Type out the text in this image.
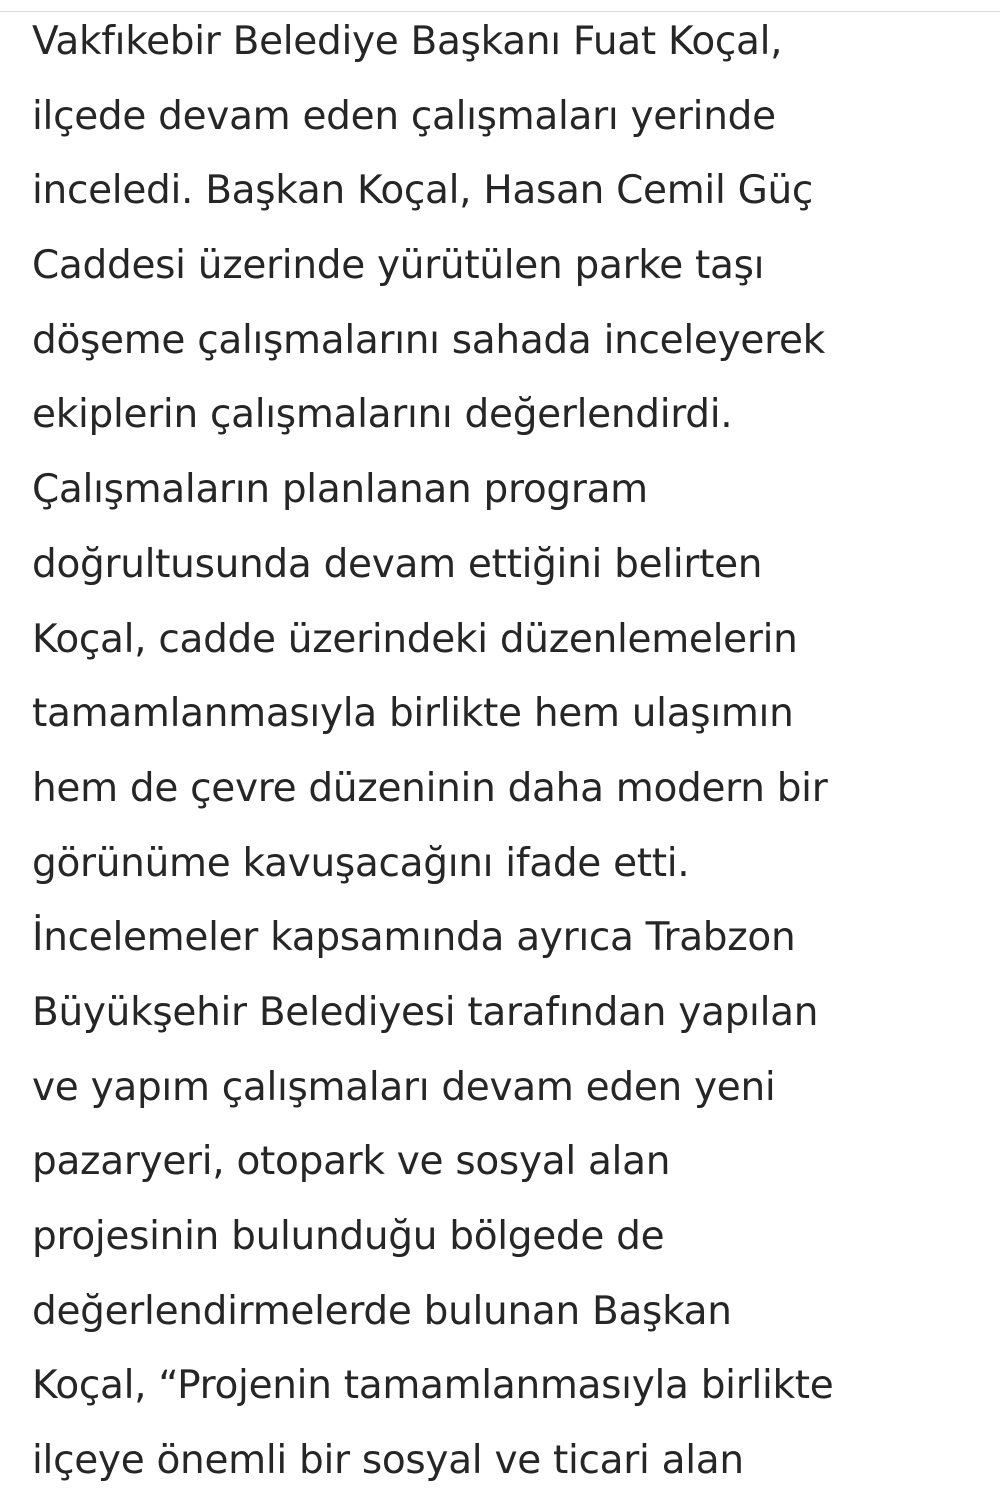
Vakfıkebir Belediye Başkanı Fuat Koçal,
ilçede devam eden çalışmaları yerinde
inceledi. Başkan Koçal, Hasan Cemil Güç
Caddesi üzerinde yürütülen parke taşı
döşeme çalışmalarını sahada inceleyerek
ekiplerin çalışmalarını değerlendirdi.
Çalışmaların planlanan program
doğrultusunda devam ettiğini belirten
Koçal, cadde üzerindeki düzenlemelerin
tamamlanmasıyla birlikte hem ulaşımın
hem de çevre düzeninin daha modern bir
görünüme kavuşacağını ifade etti.
İncelemeler kapsamında ayrıca Trabzon
Büyükşehir Belediyesi tarafından yapılan
ve yapım çalışmaları devam eden yeni
pazaryeri, otopark ve sosyal alan
projesinin bulunduğu bölgede de
değerlendirmelerde bulunan Başkan
Koçal, “Projenin tamamlanmasıyla birlikte
ilçeye önemli bir sosyal ve ticari alan
